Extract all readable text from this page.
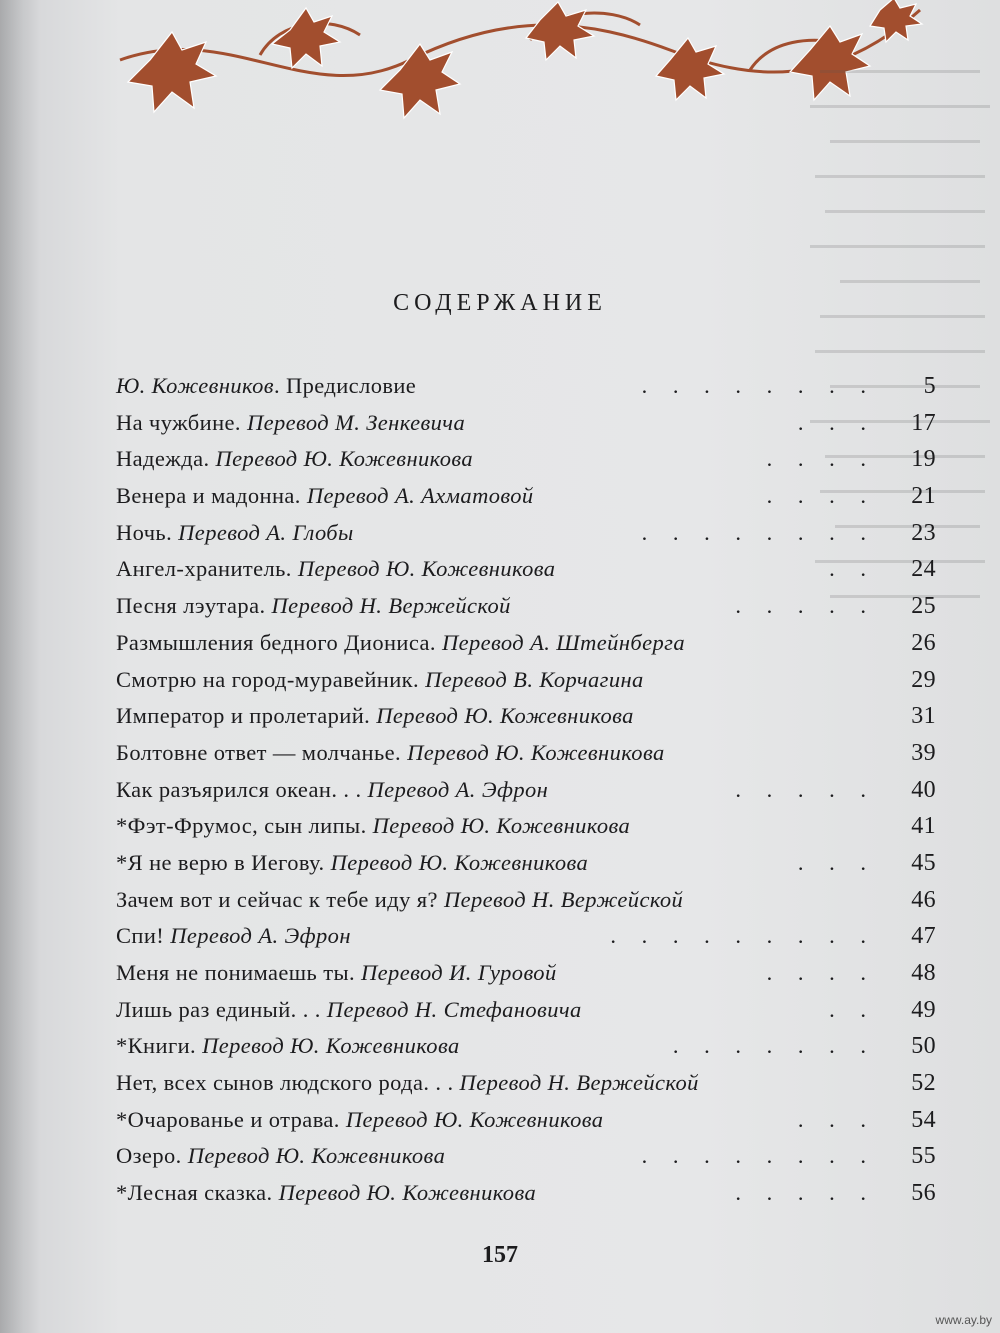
СОДЕРЖАНИЕ
Ю. Кожевников. Предисловие	. . . . . . . .	5
На чужбине. Перевод М. Зенкевича	. . .	17
Надежда. Перевод Ю. Кожевникова	. . . .	19
Венера и мадонна. Перевод А. Ахматовой	. . . .	21
Ночь. Перевод А. Глобы	. . . . . . . .	23
Ангел-хранитель. Перевод Ю. Кожевникова	. .	24
Песня лэутара. Перевод Н. Вержейской	. . . . .	25
Размышления бедного Диониса. Перевод А. Штейнберга	26
Смотрю на город-муравейник. Перевод В. Корчагина	29
Император и пролетарий. Перевод Ю. Кожевникова	31
Болтовне ответ — молчанье. Перевод Ю. Кожевникова	39
Как разъярился океан. . . Перевод А. Эфрон	. . . . .	40
*Фэт-Фрумос, сын липы. Перевод Ю. Кожевникова	41
*Я не верю в Иегову. Перевод Ю. Кожевникова	. . .	45
Зачем вот и сейчас к тебе иду я? Перевод Н. Вержейской	46
Спи! Перевод А. Эфрон	. . . . . . . . .	47
Меня не понимаешь ты. Перевод И. Гуровой	. . . .	48
Лишь раз единый. . . Перевод Н. Стефановича	. .	49
*Книги. Перевод Ю. Кожевникова	. . . . . . .	50
Нет, всех сынов людского рода. . . Перевод Н. Вержейской	52
*Очарованье и отрава. Перевод Ю. Кожевникова	. . .	54
Озеро. Перевод Ю. Кожевникова	. . . . . . . .	55
*Лесная сказка. Перевод Ю. Кожевникова	. . . . .	56
157
www.ay.by
